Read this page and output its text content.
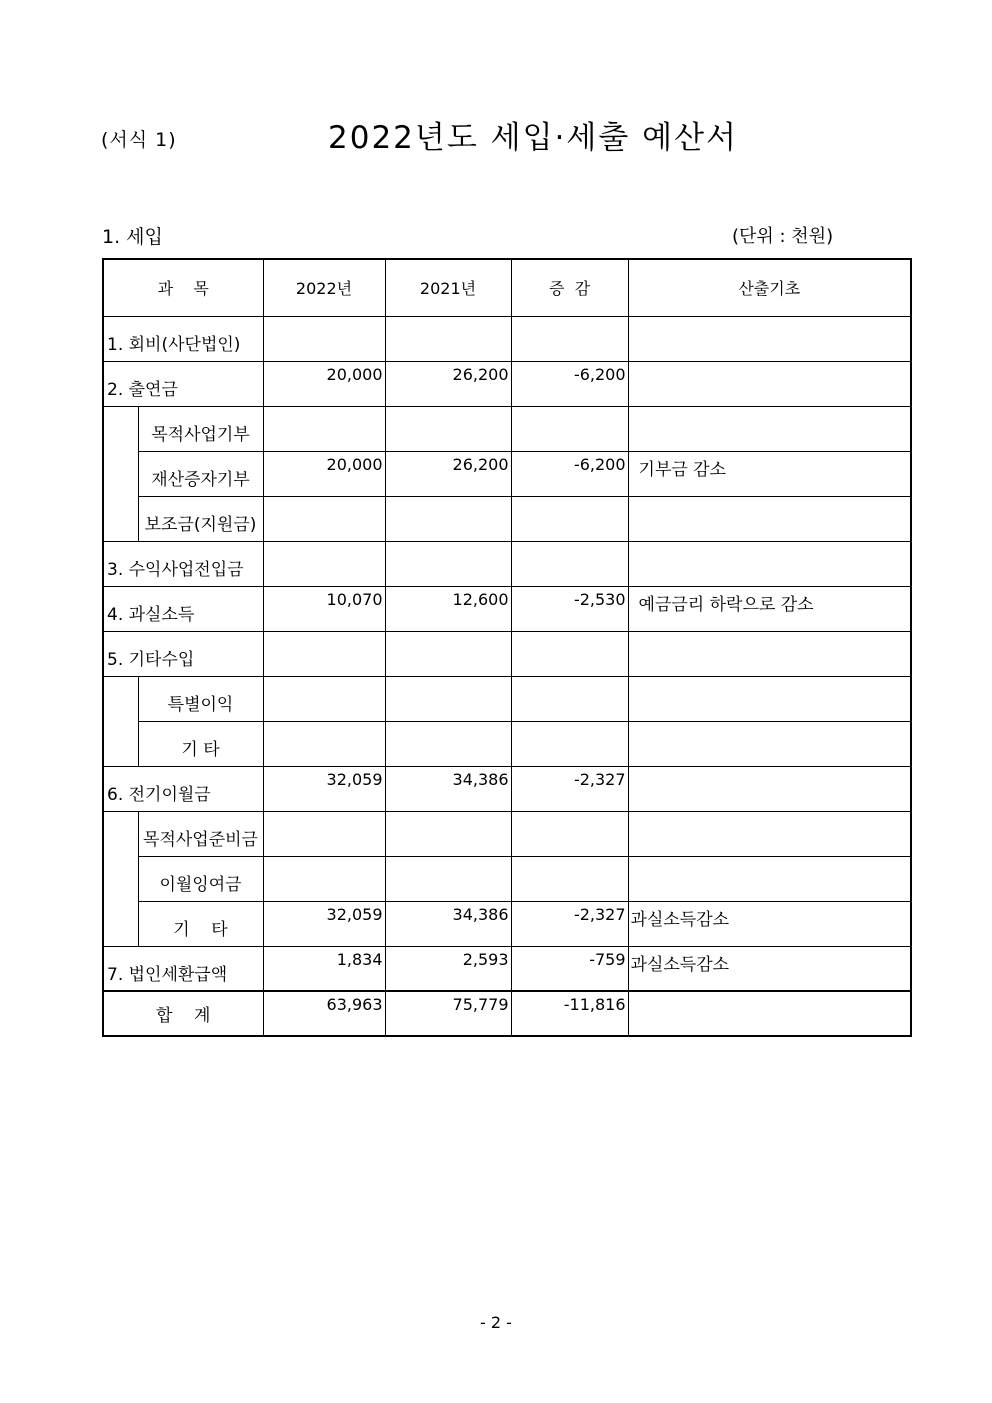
(서식 1)	2022년도 세입·세출 예산서
1. 세입	(단위 : 천원)
과    목		2022년	2021년	증  감	산출기초
1. 회비(사단법인)					
2. 출연금		20,000	26,200	-6,200	
	목적사업기부				
	재산증자기부	20,000	26,200	-6,200	기부금 감소
	보조금(지원금)				
3. 수익사업전입금					
4. 과실소득		10,070	12,600	-2,530	예금금리 하락으로 감소
5. 기타수입					
	특별이익				
	기 타				
6. 전기이월금		32,059	34,386	-2,327	
	목적사업준비금				
	이월잉여금				
	기    타	32,059	34,386	-2,327	과실소득감소
7. 법인세환급액		1,834	2,593	-759	과실소득감소
합    계		63,963	75,779	-11,816	
- 2 -
